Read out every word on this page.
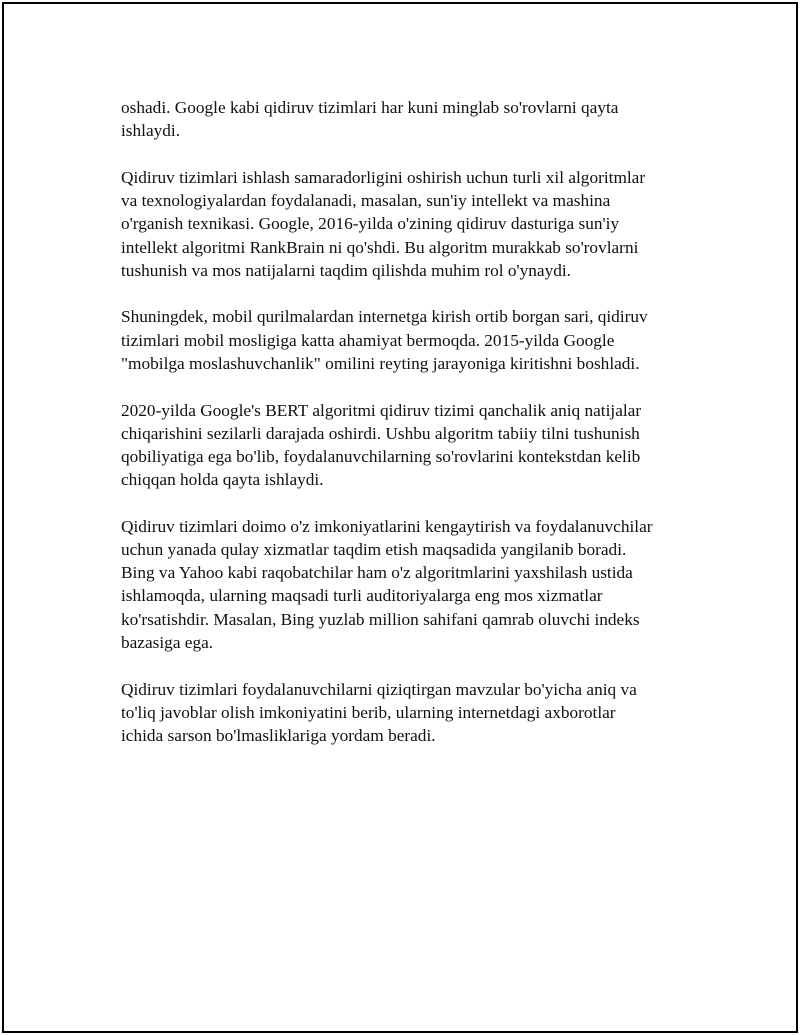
oshadi. Google kabi qidiruv tizimlari har kuni minglab so'rovlarni qayta
ishlaydi.

Qidiruv tizimlari ishlash samaradorligini oshirish uchun turli xil algoritmlar
va texnologiyalardan foydalanadi, masalan, sun'iy intellekt va mashina
o'rganish texnikasi. Google, 2016-yilda o'zining qidiruv dasturiga sun'iy
intellekt algoritmi RankBrain ni qo'shdi. Bu algoritm murakkab so'rovlarni
tushunish va mos natijalarni taqdim qilishda muhim rol o'ynaydi.

Shuningdek, mobil qurilmalardan internetga kirish ortib borgan sari, qidiruv
tizimlari mobil mosligiga katta ahamiyat bermoqda. 2015-yilda Google
"mobilga moslashuvchanlik" omilini reyting jarayoniga kiritishni boshladi.

2020-yilda Google's BERT algoritmi qidiruv tizimi qanchalik aniq natijalar
chiqarishini sezilarli darajada oshirdi. Ushbu algoritm tabiiy tilni tushunish
qobiliyatiga ega bo'lib, foydalanuvchilarning so'rovlarini kontekstdan kelib
chiqqan holda qayta ishlaydi.

Qidiruv tizimlari doimo o'z imkoniyatlarini kengaytirish va foydalanuvchilar
uchun yanada qulay xizmatlar taqdim etish maqsadida yangilanib boradi.
Bing va Yahoo kabi raqobatchilar ham o'z algoritmlarini yaxshilash ustida
ishlamoqda, ularning maqsadi turli auditoriyalarga eng mos xizmatlar
ko'rsatishdir. Masalan, Bing yuzlab million sahifani qamrab oluvchi indeks
bazasiga ega.

Qidiruv tizimlari foydalanuvchilarni qiziqtirgan mavzular bo'yicha aniq va
to'liq javoblar olish imkoniyatini berib, ularning internetdagi axborotlar
ichida sarson bo'lmasliklariga yordam beradi.
